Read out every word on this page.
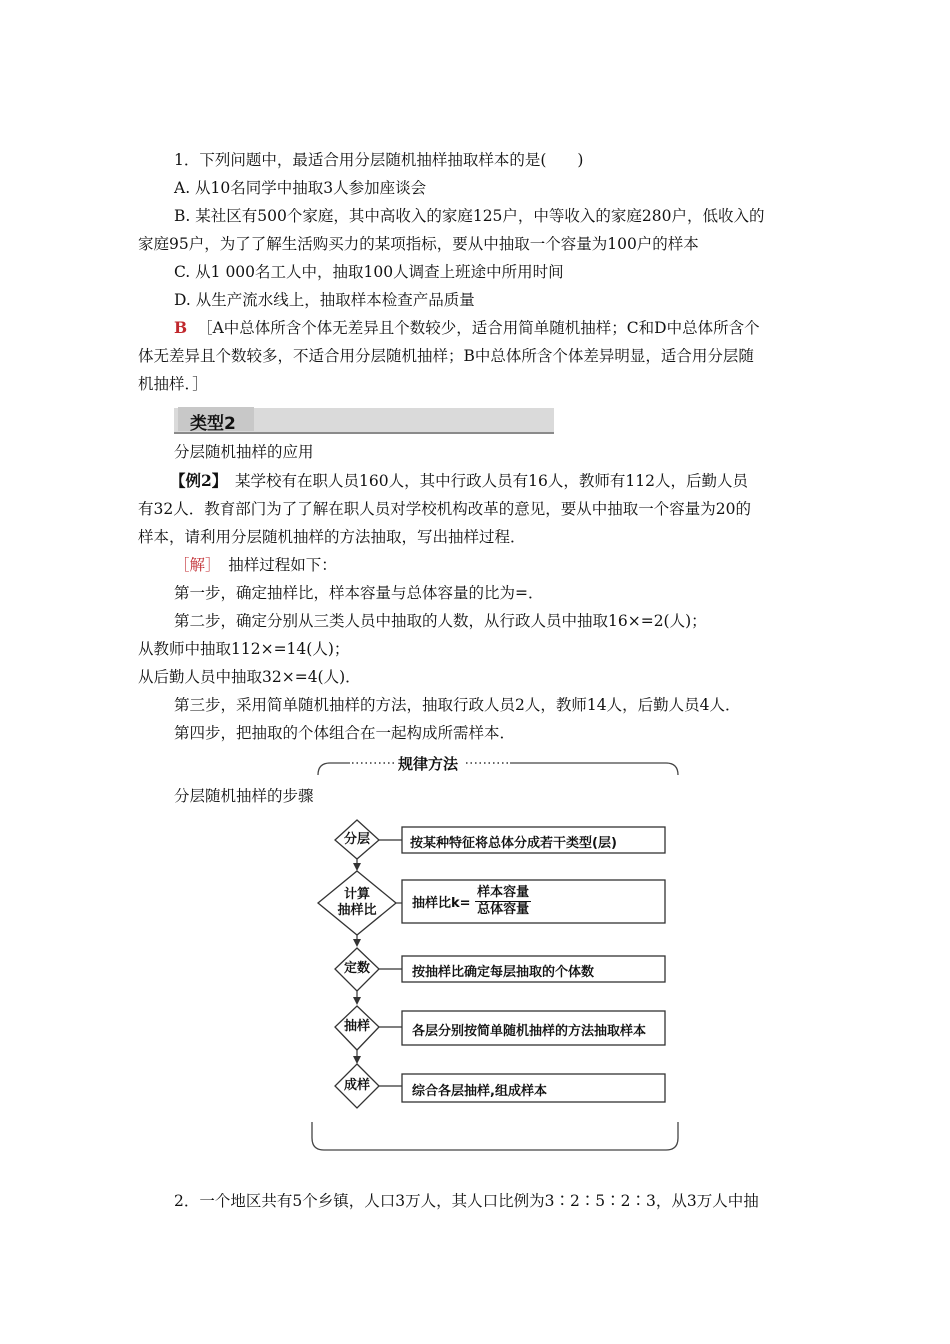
1．下列问题中，最适合用分层随机抽样抽取样本的是(　　)
A. 从10名同学中抽取3人参加座谈会
B. 某社区有500个家庭，其中高收入的家庭125户，中等收入的家庭280户，低收入的
家庭95户，为了了解生活购买力的某项指标，要从中抽取一个容量为100户的样本
C. 从1 000名工人中，抽取100人调查上班途中所用时间
D. 从生产流水线上，抽取样本检查产品质量
B ［A中总体所含个体无差异且个数较少，适合用简单随机抽样；C和D中总体所含个
体无差异且个数较多，不适合用分层随机抽样；B中总体所含个体差异明显，适合用分层随
机抽样．］
类型2
分层随机抽样的应用
【例2】　某学校有在职人员160人，其中行政人员有16人，教师有112人，后勤人员
有32人．教育部门为了了解在职人员对学校机构改革的意见，要从中抽取一个容量为20的
样本，请利用分层随机抽样的方法抽取，写出抽样过程．
［解］　抽样过程如下：
第一步，确定抽样比，样本容量与总体容量的比为=．
第二步，确定分别从三类人员中抽取的人数，从行政人员中抽取16×=2(人)；
从教师中抽取112×=14(人)；
从后勤人员中抽取32×=4(人)．
第三步，采用简单随机抽样的方法，抽取行政人员2人，教师14人，后勤人员4人．
第四步，把抽取的个体组合在一起构成所需样本．
规律方法
分层随机抽样的步骤
分层
计算
抽样比
定数
抽样
成样
按某种特征将总体分成若干类型(层)
抽样比$k= \frac{\text{样本容量}}{\text{总体容量}}$
按抽样比确定每层抽取的个体数
各层分别按简单随机抽样的方法抽取样本
综合各层抽样,组成样本
2．一个地区共有5个乡镇，人口3万人，其人口比例为3∶2∶5∶2∶3，从3万人中抽
